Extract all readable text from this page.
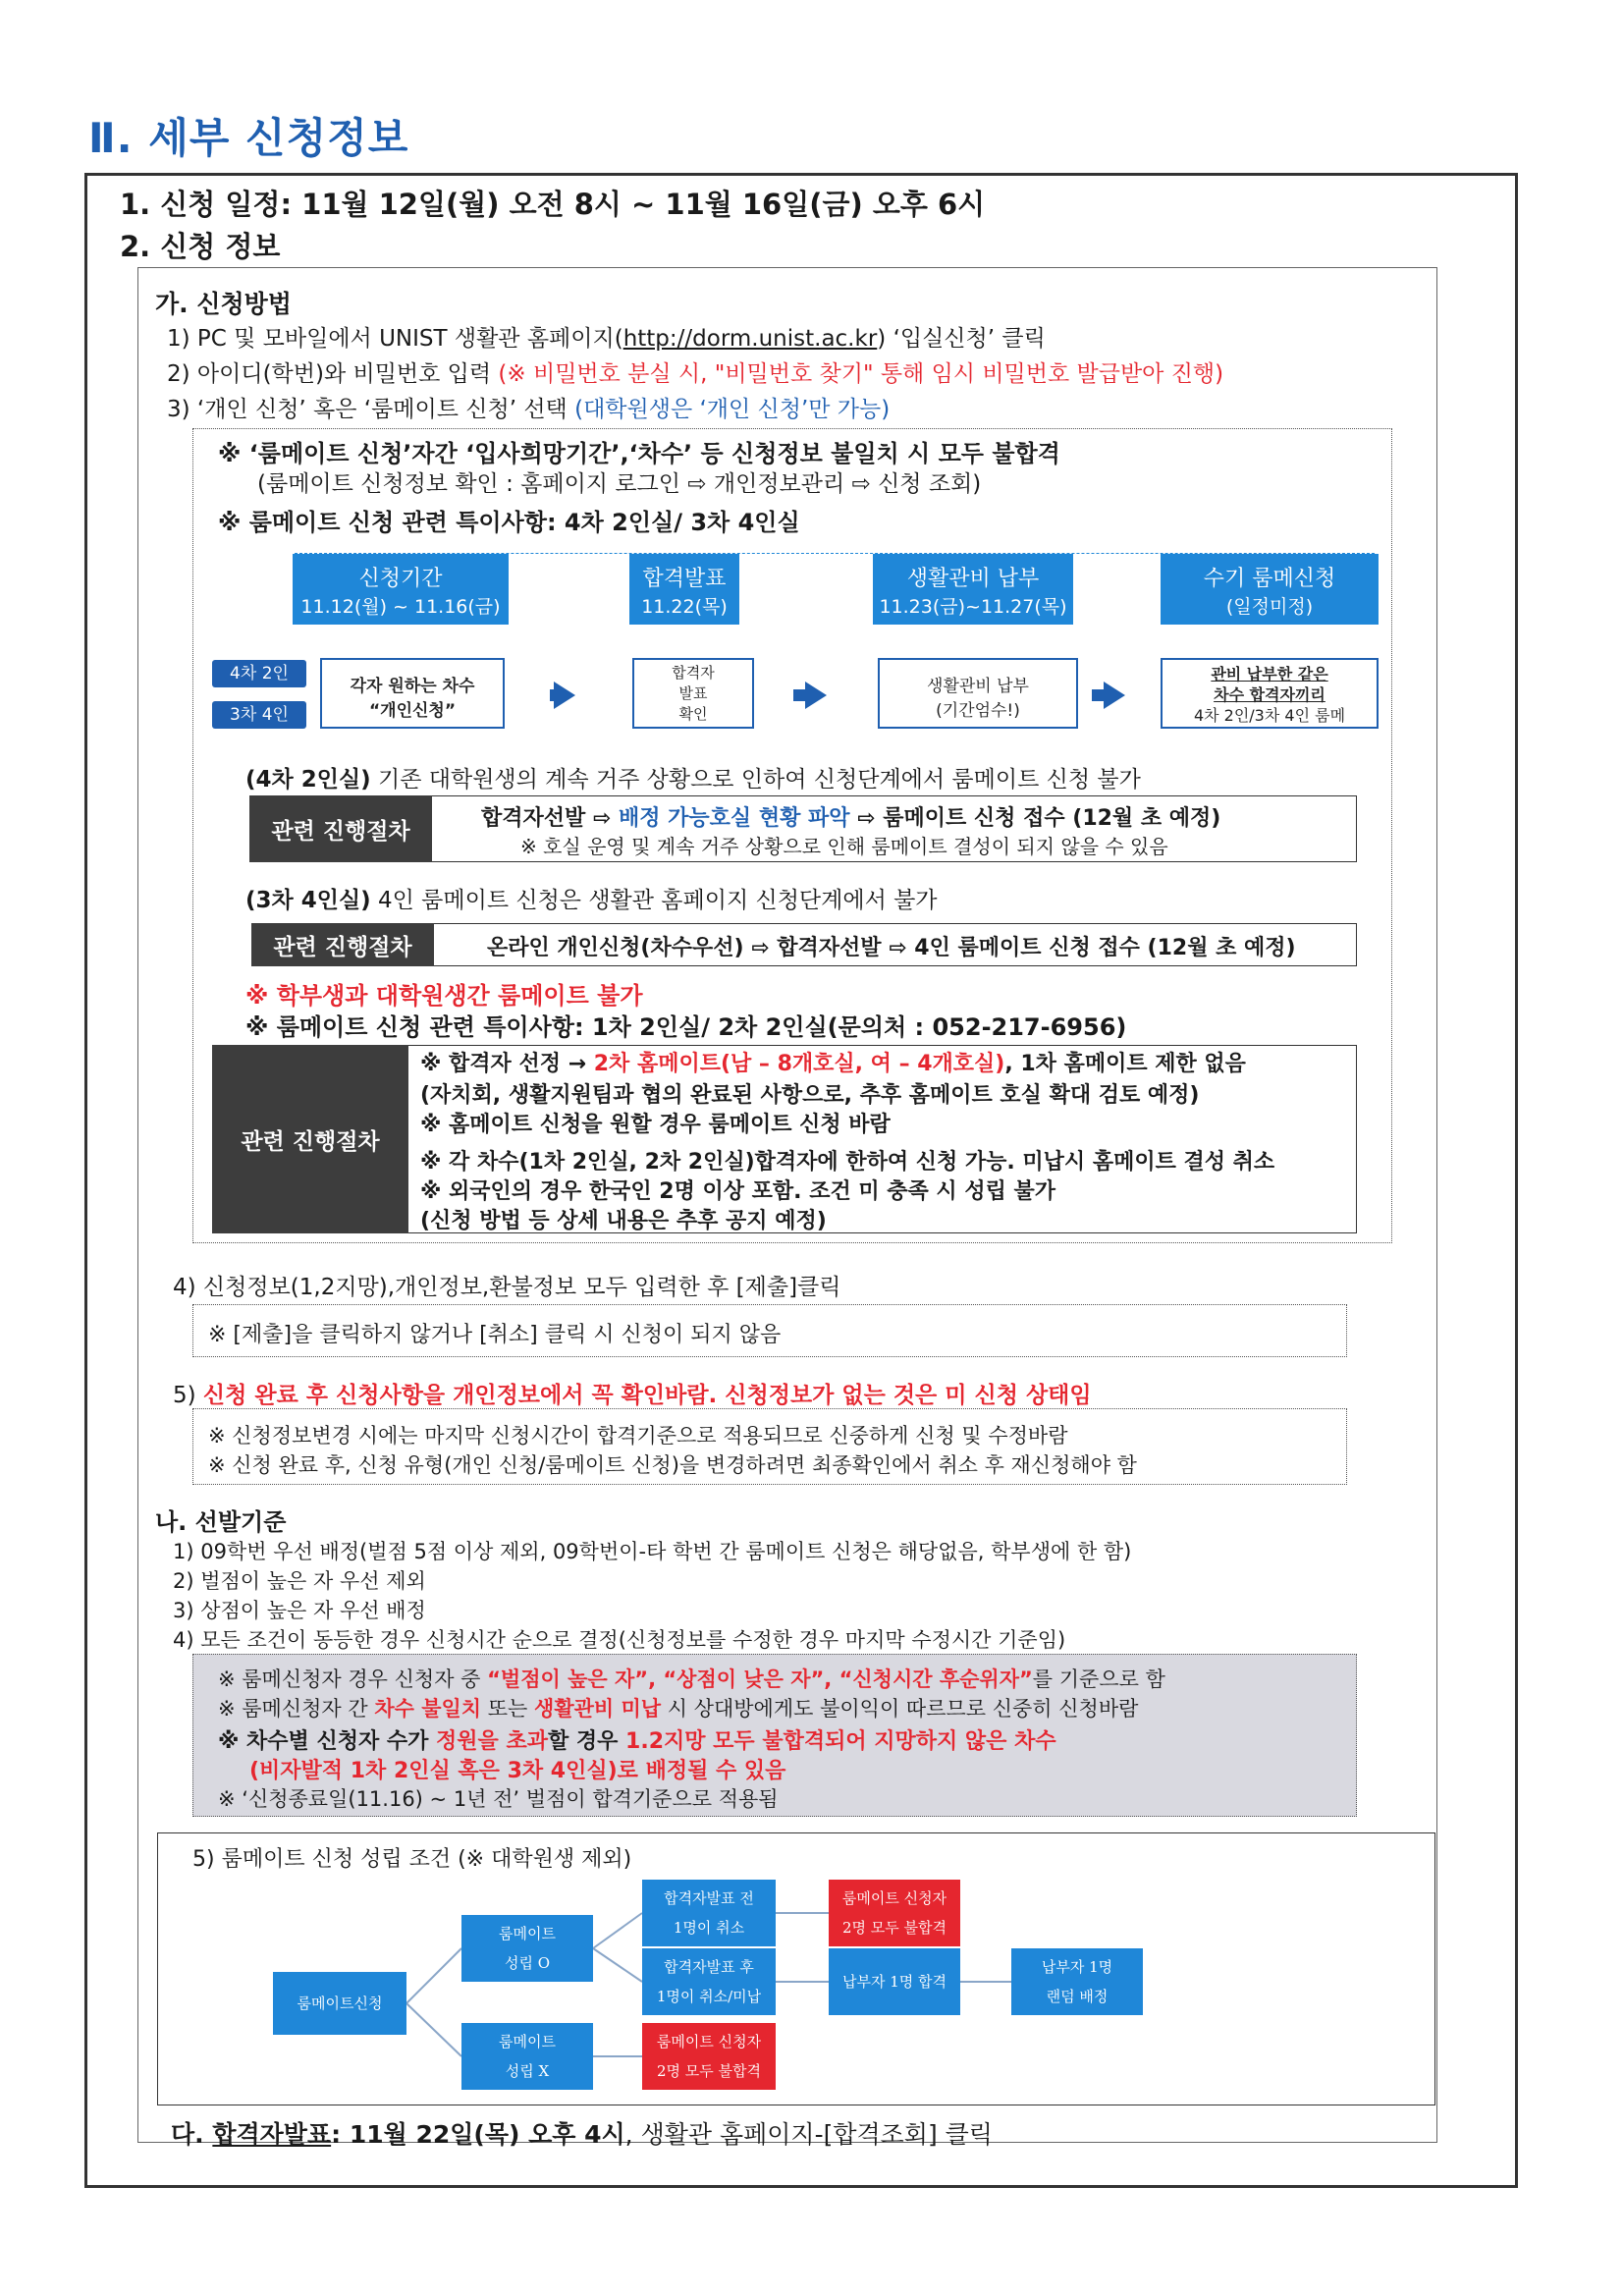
Ⅱ. 세부 신청정보
1. 신청 일정: 11월 12일(월) 오전 8시 ~ 11월 16일(금) 오후 6시
2. 신청 정보
가. 신청방법
1) PC 및 모바일에서 UNIST 생활관 홈페이지(http://dorm.unist.ac.kr) ‘입실신청’ 클릭
2) 아이디(학번)와 비밀번호 입력 (※ 비밀번호 분실 시, "비밀번호 찾기" 통해 임시 비밀번호 발급받아 진행)
3) ‘개인 신청’ 혹은 ‘룸메이트 신청’ 선택 (대학원생은 ‘개인 신청’만 가능)
※ ‘룸메이트 신청’자간 ‘입사희망기간’,‘차수’ 등 신청정보 불일치 시 모두 불합격
(룸메이트 신청정보 확인 : 홈페이지 로그인 ⇨ 개인정보관리 ⇨ 신청 조회)
※ 룸메이트 신청 관련 특이사항: 4차 2인실/ 3차 4인실
신청기간
11.12(월) ~ 11.16(금)
합격발표
11.22(목)
생활관비 납부
11.23(금)~11.27(목)
수기 룸메신청
(일정미정)
4차 2인
3차 4인
각자 원하는 차수
“개인신청”
합격자
발표
확인
생활관비 납부
(기간엄수!)
관비 납부한 같은
차수 합격자끼리
4차 2인/3차 4인 룸메
(4차 2인실) 기존 대학원생의 계속 거주 상황으로 인하여 신청단계에서 룸메이트 신청 불가
관련 진행절차	합격자선발 ⇨ 배정 가능호실 현황 파악 ⇨ 룸메이트 신청 접수 (12월 초 예정)
※ 호실 운영 및 계속 거주 상황으로 인해 룸메이트 결성이 되지 않을 수 있음
(3차 4인실) 4인 룸메이트 신청은 생활관 홈페이지 신청단계에서 불가
관련 진행절차	온라인 개인신청(차수우선) ⇨ 합격자선발 ⇨ 4인 룸메이트 신청 접수 (12월 초 예정)
※ 학부생과 대학원생간 룸메이트 불가
※ 룸메이트 신청 관련 특이사항: 1차 2인실/ 2차 2인실(문의처 : 052-217-6956)
관련 진행절차
※ 합격자 선정 → 2차 홈메이트(남 – 8개호실, 여 – 4개호실), 1차 홈메이트 제한 없음
(자치회, 생활지원팀과 협의 완료된 사항으로, 추후 홈메이트 호실 확대 검토 예정)
※ 홈메이트 신청을 원할 경우 룸메이트 신청 바람
※ 각 차수(1차 2인실, 2차 2인실)합격자에 한하여 신청 가능. 미납시 홈메이트 결성 취소
※ 외국인의 경우 한국인 2명 이상 포함. 조건 미 충족 시 성립 불가
(신청 방법 등 상세 내용은 추후 공지 예정)
4) 신청정보(1,2지망),개인정보,환불정보 모두 입력한 후 [제출]클릭
※ [제출]을 클릭하지 않거나 [취소] 클릭 시 신청이 되지 않음
5) 신청 완료 후 신청사항을 개인정보에서 꼭 확인바람. 신청정보가 없는 것은 미 신청 상태임
※ 신청정보변경 시에는 마지막 신청시간이 합격기준으로 적용되므로 신중하게 신청 및 수정바람
※ 신청 완료 후, 신청 유형(개인 신청/룸메이트 신청)을 변경하려면 최종확인에서 취소 후 재신청해야 함
나. 선발기준
1) 09학번 우선 배정(벌점 5점 이상 제외, 09학번이-타 학번 간 룸메이트 신청은 해당없음, 학부생에 한 함)
2) 벌점이 높은 자 우선 제외
3) 상점이 높은 자 우선 배정
4) 모든 조건이 동등한 경우 신청시간 순으로 결정(신청정보를 수정한 경우 마지막 수정시간 기준임)
※ 룸메신청자 경우 신청자 중 “벌점이 높은 자”, “상점이 낮은 자”, “신청시간 후순위자”를 기준으로 함
※ 룸메신청자 간 차수 불일치 또는 생활관비 미납 시 상대방에게도 불이익이 따르므로 신중히 신청바람
※ 차수별 신청자 수가 정원을 초과할 경우 1.2지망 모두 불합격되어 지망하지 않은 차수
(비자발적 1차 2인실 혹은 3차 4인실)로 배정될 수 있음
※ ‘신청종료일(11.16) ~ 1년 전’ 벌점이 합격기준으로 적용됨
5) 룸메이트 신청 성립 조건 (※ 대학원생 제외)
룸메이트신청
룸메이트
성립 O
룸메이트
성립 X
합격자발표 전
1명이 취소
합격자발표 후
1명이 취소/미납
룸메이트 신청자
2명 모두 불합격
납부자 1명 합격
납부자 1명
랜덤 배정
룸메이트 신청자
2명 모두 불합격
다. 합격자발표: 11월 22일(목) 오후 4시, 생활관 홈페이지-[합격조회] 클릭
